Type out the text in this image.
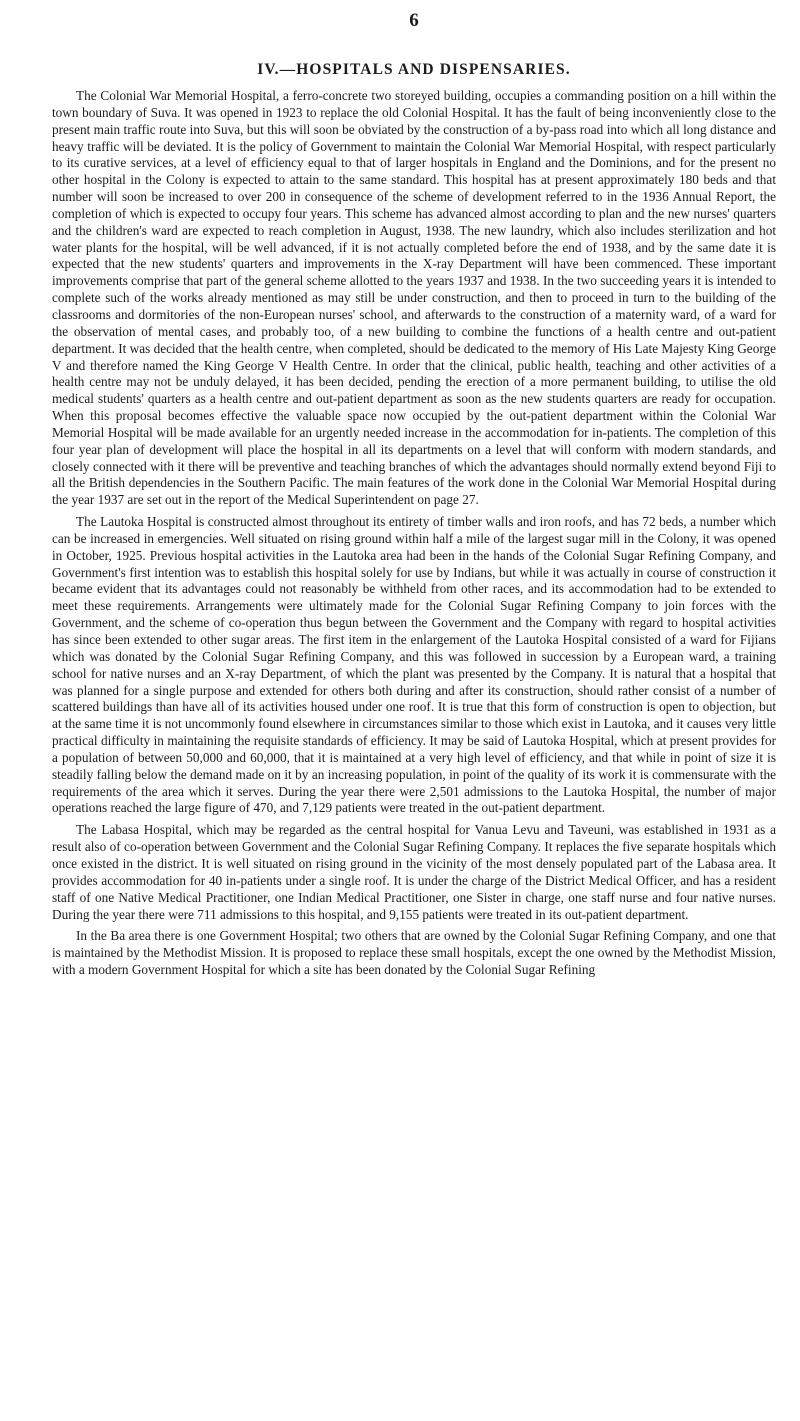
6
IV.—HOSPITALS AND DISPENSARIES.

The Colonial War Memorial Hospital, a ferro-concrete two storeyed building, occupies a commanding position on a hill within the town boundary of Suva. It was opened in 1923 to replace the old Colonial Hospital. It has the fault of being inconveniently close to the present main traffic route into Suva, but this will soon be obviated by the construction of a by-pass road into which all long distance and heavy traffic will be deviated. It is the policy of Government to maintain the Colonial War Memorial Hospital, with respect particularly to its curative services, at a level of efficiency equal to that of larger hospitals in England and the Dominions, and for the present no other hospital in the Colony is expected to attain to the same standard. This hospital has at present approximately 180 beds and that number will soon be increased to over 200 in consequence of the scheme of development referred to in the 1936 Annual Report, the completion of which is expected to occupy four years. This scheme has advanced almost according to plan and the new nurses' quarters and the children's ward are expected to reach completion in August, 1938. The new laundry, which also includes sterilization and hot water plants for the hospital, will be well advanced, if it is not actually completed before the end of 1938, and by the same date it is expected that the new students' quarters and improvements in the X-ray Department will have been commenced. These important improvements comprise that part of the general scheme allotted to the years 1937 and 1938. In the two succeeding years it is intended to complete such of the works already mentioned as may still be under construction, and then to proceed in turn to the building of the classrooms and dormitories of the non-European nurses' school, and afterwards to the construction of a maternity ward, of a ward for the observation of mental cases, and probably too, of a new building to combine the functions of a health centre and out-patient department. It was decided that the health centre, when completed, should be dedicated to the memory of His Late Majesty King George V and therefore named the King George V Health Centre. In order that the clinical, public health, teaching and other activities of a health centre may not be unduly delayed, it has been decided, pending the erection of a more permanent building, to utilise the old medical students' quarters as a health centre and out-patient department as soon as the new students quarters are ready for occupation. When this proposal becomes effective the valuable space now occupied by the out-patient department within the Colonial War Memorial Hospital will be made available for an urgently needed increase in the accommodation for in-patients. The completion of this four year plan of development will place the hospital in all its departments on a level that will conform with modern standards, and closely connected with it there will be preventive and teaching branches of which the advantages should normally extend beyond Fiji to all the British dependencies in the Southern Pacific. The main features of the work done in the Colonial War Memorial Hospital during the year 1937 are set out in the report of the Medical Superintendent on page 27.

The Lautoka Hospital is constructed almost throughout its entirety of timber walls and iron roofs, and has 72 beds, a number which can be increased in emergencies. Well situated on rising ground within half a mile of the largest sugar mill in the Colony, it was opened in October, 1925. Previous hospital activities in the Lautoka area had been in the hands of the Colonial Sugar Refining Company, and Government's first intention was to establish this hospital solely for use by Indians, but while it was actually in course of construction it became evident that its advantages could not reasonably be withheld from other races, and its accommodation had to be extended to meet these requirements. Arrangements were ultimately made for the Colonial Sugar Refining Company to join forces with the Government, and the scheme of co-operation thus begun between the Government and the Company with regard to hospital activities has since been extended to other sugar areas. The first item in the enlargement of the Lautoka Hospital consisted of a ward for Fijians which was donated by the Colonial Sugar Refining Company, and this was followed in succession by a European ward, a training school for native nurses and an X-ray Department, of which the plant was presented by the Company. It is natural that a hospital that was planned for a single purpose and extended for others both during and after its construction, should rather consist of a number of scattered buildings than have all of its activities housed under one roof. It is true that this form of construction is open to objection, but at the same time it is not uncommonly found elsewhere in circumstances similar to those which exist in Lautoka, and it causes very little practical difficulty in maintaining the requisite standards of efficiency. It may be said of Lautoka Hospital, which at present provides for a population of between 50,000 and 60,000, that it is maintained at a very high level of efficiency, and that while in point of size it is steadily falling below the demand made on it by an increasing population, in point of the quality of its work it is commensurate with the requirements of the area which it serves. During the year there were 2,501 admissions to the Lautoka Hospital, the number of major operations reached the large figure of 470, and 7,129 patients were treated in the out-patient department.

The Labasa Hospital, which may be regarded as the central hospital for Vanua Levu and Taveuni, was established in 1931 as a result also of co-operation between Government and the Colonial Sugar Refining Company. It replaces the five separate hospitals which once existed in the district. It is well situated on rising ground in the vicinity of the most densely populated part of the Labasa area. It provides accommodation for 40 in-patients under a single roof. It is under the charge of the District Medical Officer, and has a resident staff of one Native Medical Practitioner, one Indian Medical Practitioner, one Sister in charge, one staff nurse and four native nurses. During the year there were 711 admissions to this hospital, and 9,155 patients were treated in its out-patient department.

In the Ba area there is one Government Hospital; two others that are owned by the Colonial Sugar Refining Company, and one that is maintained by the Methodist Mission. It is proposed to replace these small hospitals, except the one owned by the Methodist Mission, with a modern Government Hospital for which a site has been donated by the Colonial Sugar Refining
